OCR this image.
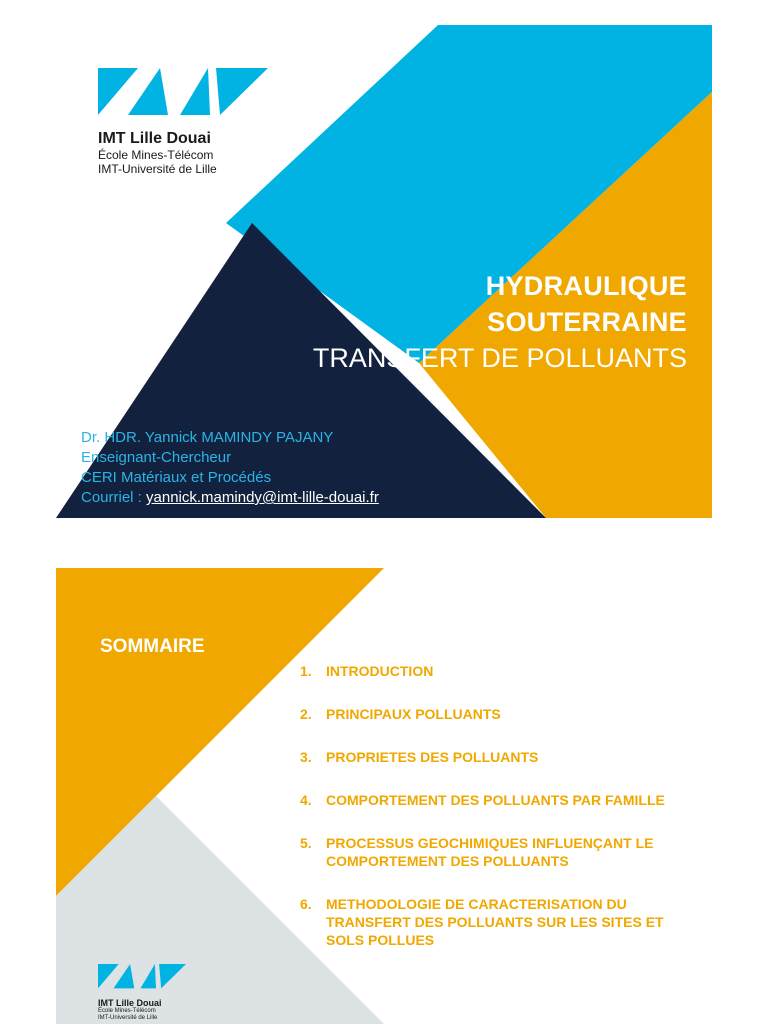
IMT Lille Douai
École Mines-Télécom
IMT-Université de Lille
HYDRAULIQUE
SOUTERRAINE
TRANSFERT DE POLLUANTS
Dr. HDR. Yannick MAMINDY PAJANY
Enseignant-Chercheur
CERI Matériaux et Procédés
Courriel : yannick.mamindy@imt-lille-douai.fr
SOMMAIRE
1.	INTRODUCTION
2.	PRINCIPAUX POLLUANTS
3.	PROPRIETES DES POLLUANTS
4.	COMPORTEMENT DES POLLUANTS PAR FAMILLE
5.	PROCESSUS GEOCHIMIQUES INFLUENÇANT LE COMPORTEMENT DES POLLUANTS
6.	METHODOLOGIE DE CARACTERISATION DU TRANSFERT DES POLLUANTS SUR LES SITES ET SOLS POLLUES
IMT Lille Douai
École Mines-Télécom
IMT-Université de Lille
